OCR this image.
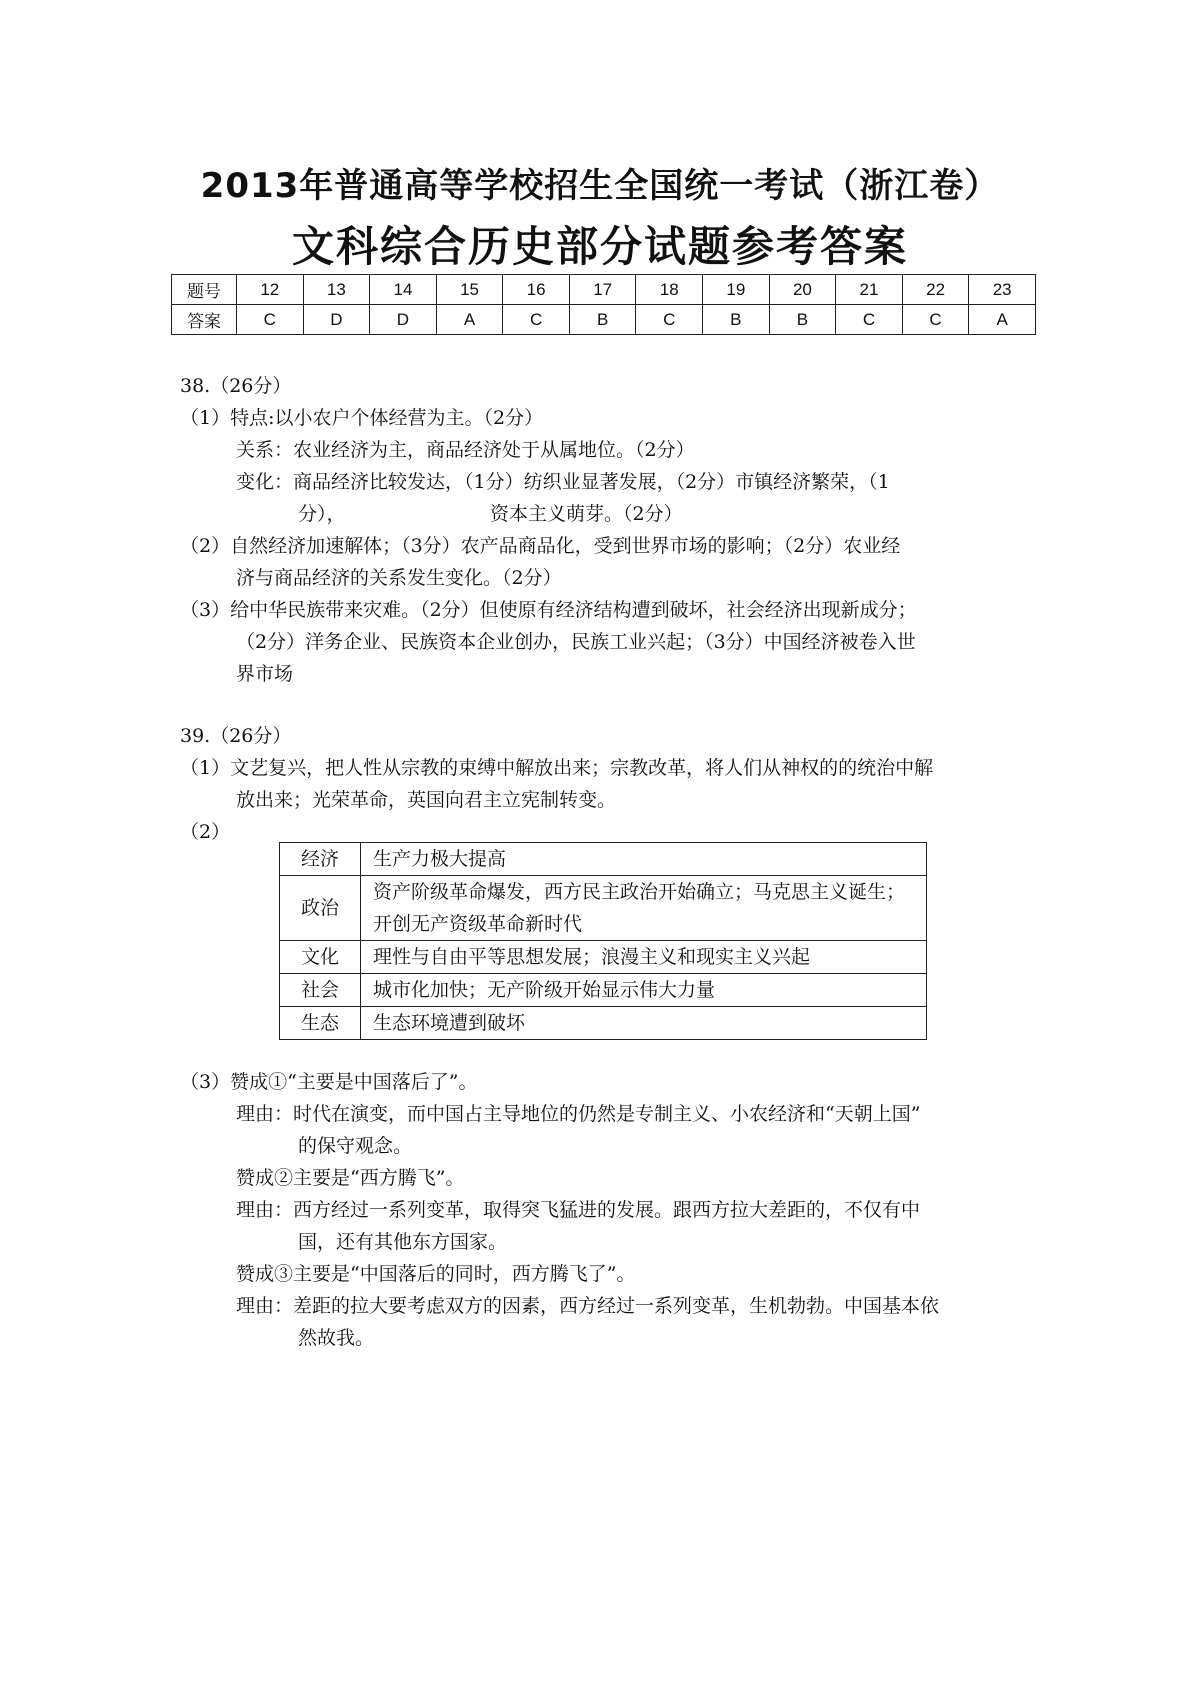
2013年普通高等学校招生全国统一考试（浙江卷）
文科综合历史部分试题参考答案
题号	12	13	14	15	16	17	18	19	20	21	22	23
答案	C	D	D	A	C	B	C	B	B	C	C	A
38.（26分）
（1）特点:以小农户个体经营为主。（2分）
关系：农业经济为主，商品经济处于从属地位。（2分）
变化：商品经济比较发达，（1分）纺织业显著发展，（2分）市镇经济繁荣，（1
分），	资本主义萌芽。（2分）
（2）自然经济加速解体；（3分）农产品商品化，受到世界市场的影响；（2分）农业经
济与商品经济的关系发生变化。（2分）
（3）给中华民族带来灾难。（2分）但使原有经济结构遭到破坏，社会经济出现新成分；
（2分）洋务企业、民族资本企业创办，民族工业兴起；（3分）中国经济被卷入世
界市场
39.（26分）
（1）文艺复兴，把人性从宗教的束缚中解放出来；宗教改革，将人们从神权的的统治中解
放出来；光荣革命，英国向君主立宪制转变。
（2）
经济	生产力极大提高
政治	资产阶级革命爆发，西方民主政治开始确立；马克思主义诞生；开创无产资级革命新时代
文化	理性与自由平等思想发展；浪漫主义和现实主义兴起
社会	城市化加快；无产阶级开始显示伟大力量
生态	生态环境遭到破坏
（3）赞成①“主要是中国落后了”。
理由：时代在演变，而中国占主导地位的仍然是专制主义、小农经济和“天朝上国”
的保守观念。
赞成②主要是“西方腾飞”。
理由：西方经过一系列变革，取得突飞猛进的发展。跟西方拉大差距的，不仅有中
国，还有其他东方国家。
赞成③主要是“中国落后的同时，西方腾飞了”。
理由：差距的拉大要考虑双方的因素，西方经过一系列变革，生机勃勃。中国基本依
然故我。
